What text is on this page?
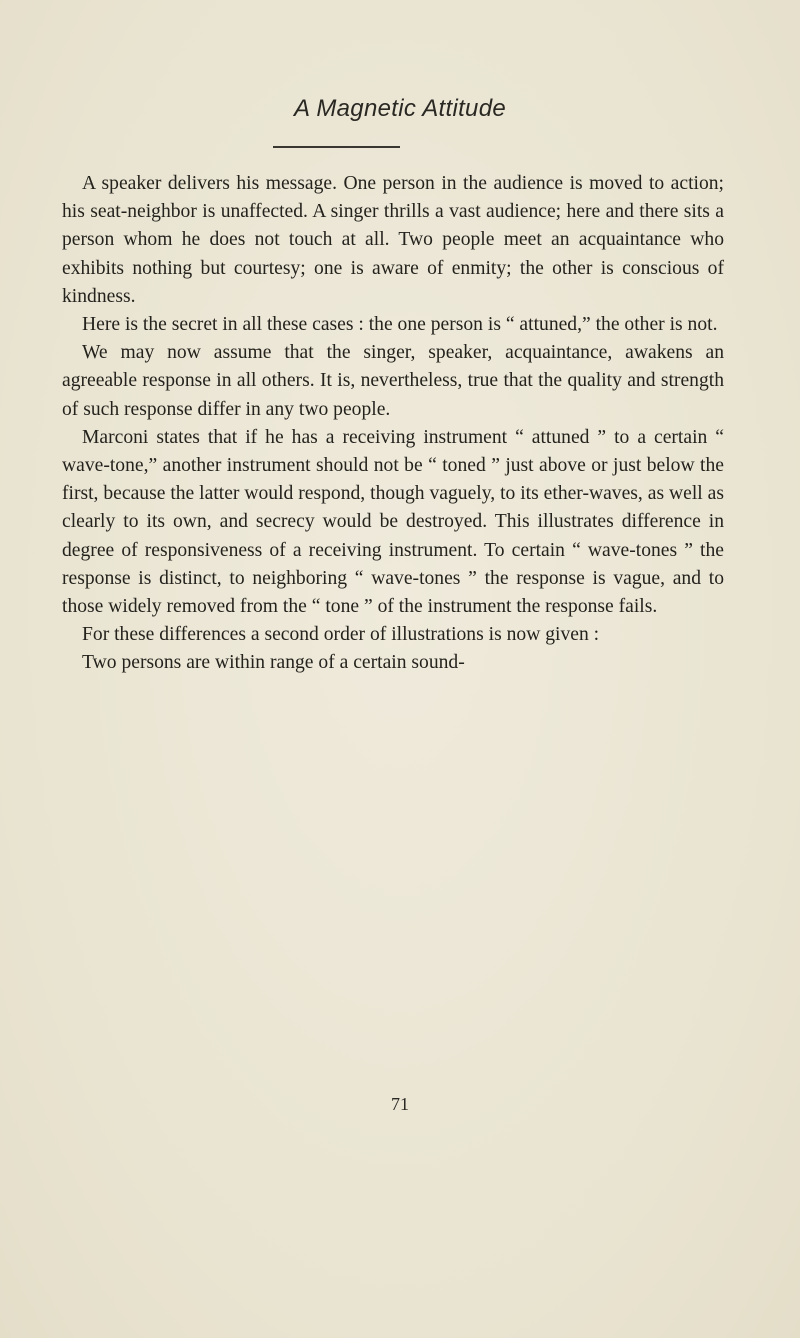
A Magnetic Attitude

A speaker delivers his message. One person in the audience is moved to action; his seat-neighbor is unaffected. A singer thrills a vast audience; here and there sits a person whom he does not touch at all. Two people meet an acquaintance who exhibits nothing but courtesy; one is aware of enmity; the other is conscious of kindness.

Here is the secret in all these cases : the one person is “ attuned,” the other is not.

We may now assume that the singer, speaker, acquaintance, awakens an agreeable response in all others. It is, nevertheless, true that the quality and strength of such response differ in any two people.

Marconi states that if he has a receiving instrument “ attuned ” to a certain “ wave-tone,” another instrument should not be “ toned ” just above or just below the first, because the latter would respond, though vaguely, to its ether-waves, as well as clearly to its own, and secrecy would be destroyed. This illustrates difference in degree of responsiveness of a receiving instrument. To certain “ wave-tones ” the response is distinct, to neighboring “ wave-tones ” the response is vague, and to those widely removed from the “ tone ” of the instrument the response fails.

For these differences a second order of illustrations is now given :

Two persons are within range of a certain sound-

71
